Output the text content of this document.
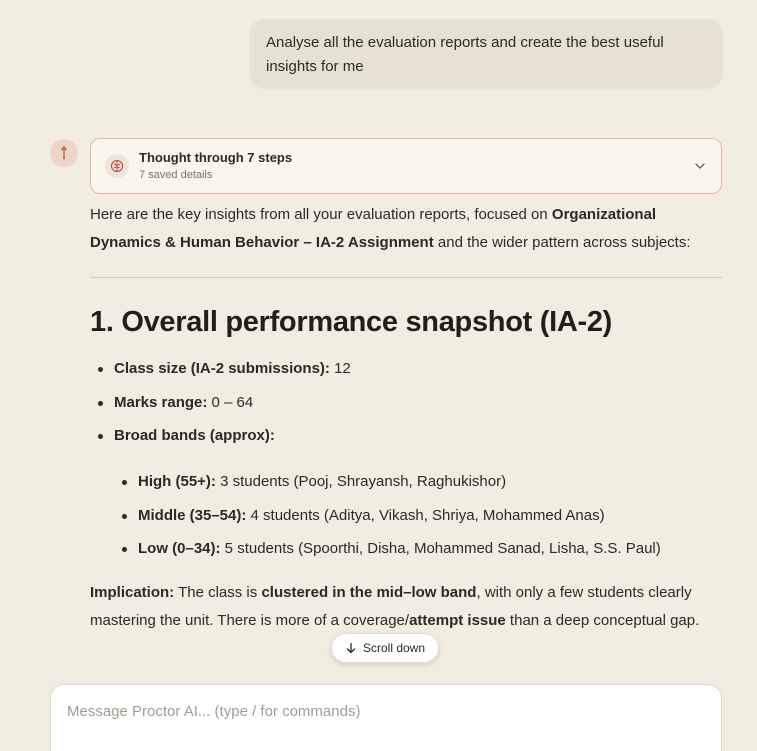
Analyse all the evaluation reports and create the best useful insights for me
Thought through 7 steps
7 saved details

Here are the key insights from all your evaluation reports, focused on Organizational Dynamics & Human Behavior – IA-2 Assignment and the wider pattern across subjects:

1. Overall performance snapshot (IA-2)
Class size (IA-2 submissions): 12
Marks range: 0 – 64
Broad bands (approx):
High (55+): 3 students (Pooj, Shrayansh, Raghukishor)
Middle (35–54): 4 students (Aditya, Vikash, Shriya, Mohammed Anas)
Low (0–34): 5 students (Spoorthi, Disha, Mohammed Sanad, Lisha, S.S. Paul)

Implication: The class is clustered in the mid–low band, with only a few students clearly mastering the unit. There is more of a coverage/attempt issue than a deep conceptual gap.

Scroll down
Message Proctor AI... (type / for commands)
